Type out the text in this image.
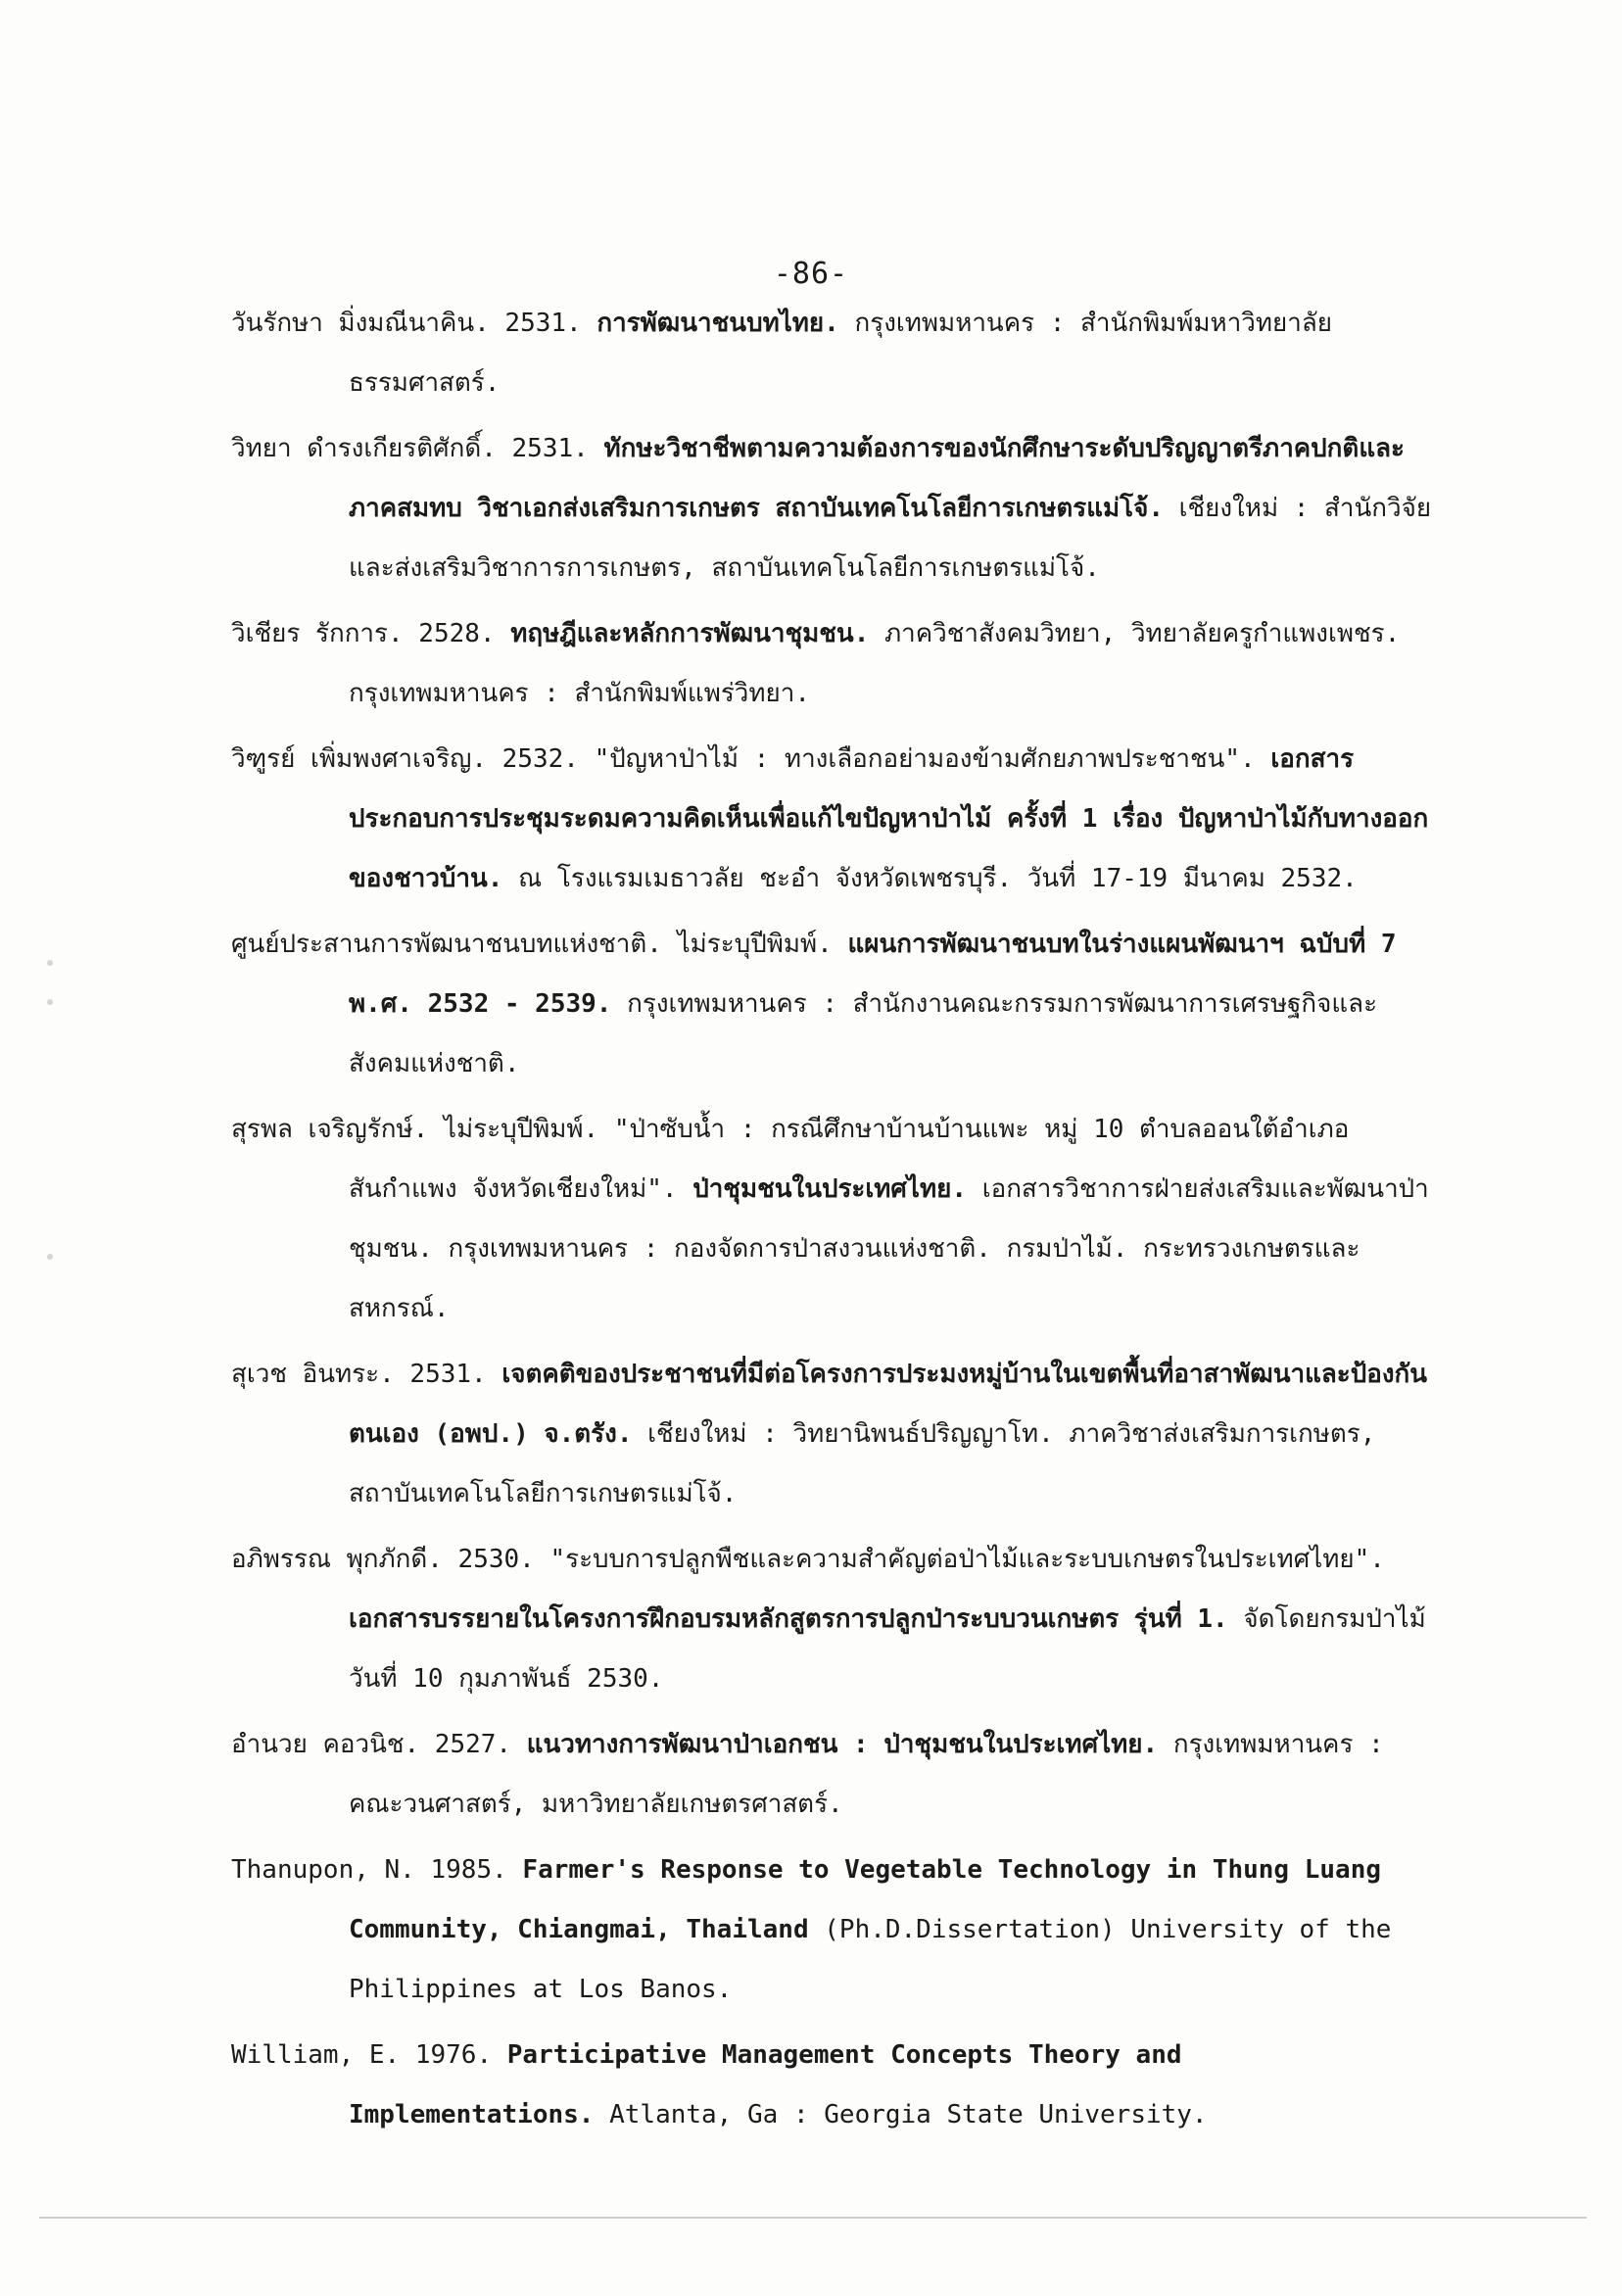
-86-

วันรักษา มิ่งมณีนาคิน. 2531. การพัฒนาชนบทไทย. กรุงเทพมหานคร : สำนักพิมพ์มหาวิทยาลัยธรรมศาสตร์.

วิทยา ดำรงเกียรติศักดิ์. 2531. ทักษะวิชาชีพตามความต้องการของนักศึกษาระดับปริญญาตรีภาคปกติและภาคสมทบ วิชาเอกส่งเสริมการเกษตร สถาบันเทคโนโลยีการเกษตรแม่โจ้. เชียงใหม่ : สำนักวิจัยและส่งเสริมวิชาการการเกษตร, สถาบันเทคโนโลยีการเกษตรแม่โจ้.

วิเชียร รักการ. 2528. ทฤษฎีและหลักการพัฒนาชุมชน. ภาควิชาสังคมวิทยา, วิทยาลัยครูกำแพงเพชร. กรุงเทพมหานคร : สำนักพิมพ์แพร่วิทยา.

วิฑูรย์ เพิ่มพงศาเจริญ. 2532. "ปัญหาป่าไม้ : ทางเลือกอย่ามองข้ามศักยภาพประชาชน". เอกสารประกอบการประชุมระดมความคิดเห็นเพื่อแก้ไขปัญหาป่าไม้ ครั้งที่ 1 เรื่อง ปัญหาป่าไม้กับทางออกของชาวบ้าน. ณ โรงแรมเมธาวลัย ชะอำ จังหวัดเพชรบุรี. วันที่ 17-19 มีนาคม 2532.

ศูนย์ประสานการพัฒนาชนบทแห่งชาติ. ไม่ระบุปีพิมพ์. แผนการพัฒนาชนบทในร่างแผนพัฒนาฯ ฉบับที่ 7 พ.ศ. 2532 - 2539. กรุงเทพมหานคร : สำนักงานคณะกรรมการพัฒนาการเศรษฐกิจและสังคมแห่งชาติ.

สุรพล เจริญรักษ์. ไม่ระบุปีพิมพ์. "ป่าซับน้ำ : กรณีศึกษาบ้านบ้านแพะ หมู่ 10 ตำบลออนใต้อำเภอสันกำแพง จังหวัดเชียงใหม่". ป่าชุมชนในประเทศไทย. เอกสารวิชาการฝ่ายส่งเสริมและพัฒนาป่าชุมชน. กรุงเทพมหานคร : กองจัดการป่าสงวนแห่งชาติ. กรมป่าไม้. กระทรวงเกษตรและสหกรณ์.

สุเวช อินทระ. 2531. เจตคติของประชาชนที่มีต่อโครงการประมงหมู่บ้านในเขตพื้นที่อาสาพัฒนาและป้องกันตนเอง (อพป.) จ.ตรัง. เชียงใหม่ : วิทยานิพนธ์ปริญญาโท. ภาควิชาส่งเสริมการเกษตร, สถาบันเทคโนโลยีการเกษตรแม่โจ้.

อภิพรรณ พุกภักดี. 2530. "ระบบการปลูกพืชและความสำคัญต่อป่าไม้และระบบเกษตรในประเทศไทย". เอกสารบรรยายในโครงการฝึกอบรมหลักสูตรการปลูกป่าระบบวนเกษตร รุ่นที่ 1. จัดโดยกรมป่าไม้ วันที่ 10 กุมภาพันธ์ 2530.

อำนวย คอวนิช. 2527. แนวทางการพัฒนาป่าเอกชน : ป่าชุมชนในประเทศไทย. กรุงเทพมหานคร : คณะวนศาสตร์, มหาวิทยาลัยเกษตรศาสตร์.

Thanupon, N. 1985. Farmer's Response to Vegetable Technology in Thung Luang Community, Chiangmai, Thailand (Ph.D.Dissertation) University of the Philippines at Los Banos.

William, E. 1976. Participative Management Concepts Theory and Implementations. Atlanta, Ga : Georgia State University.
